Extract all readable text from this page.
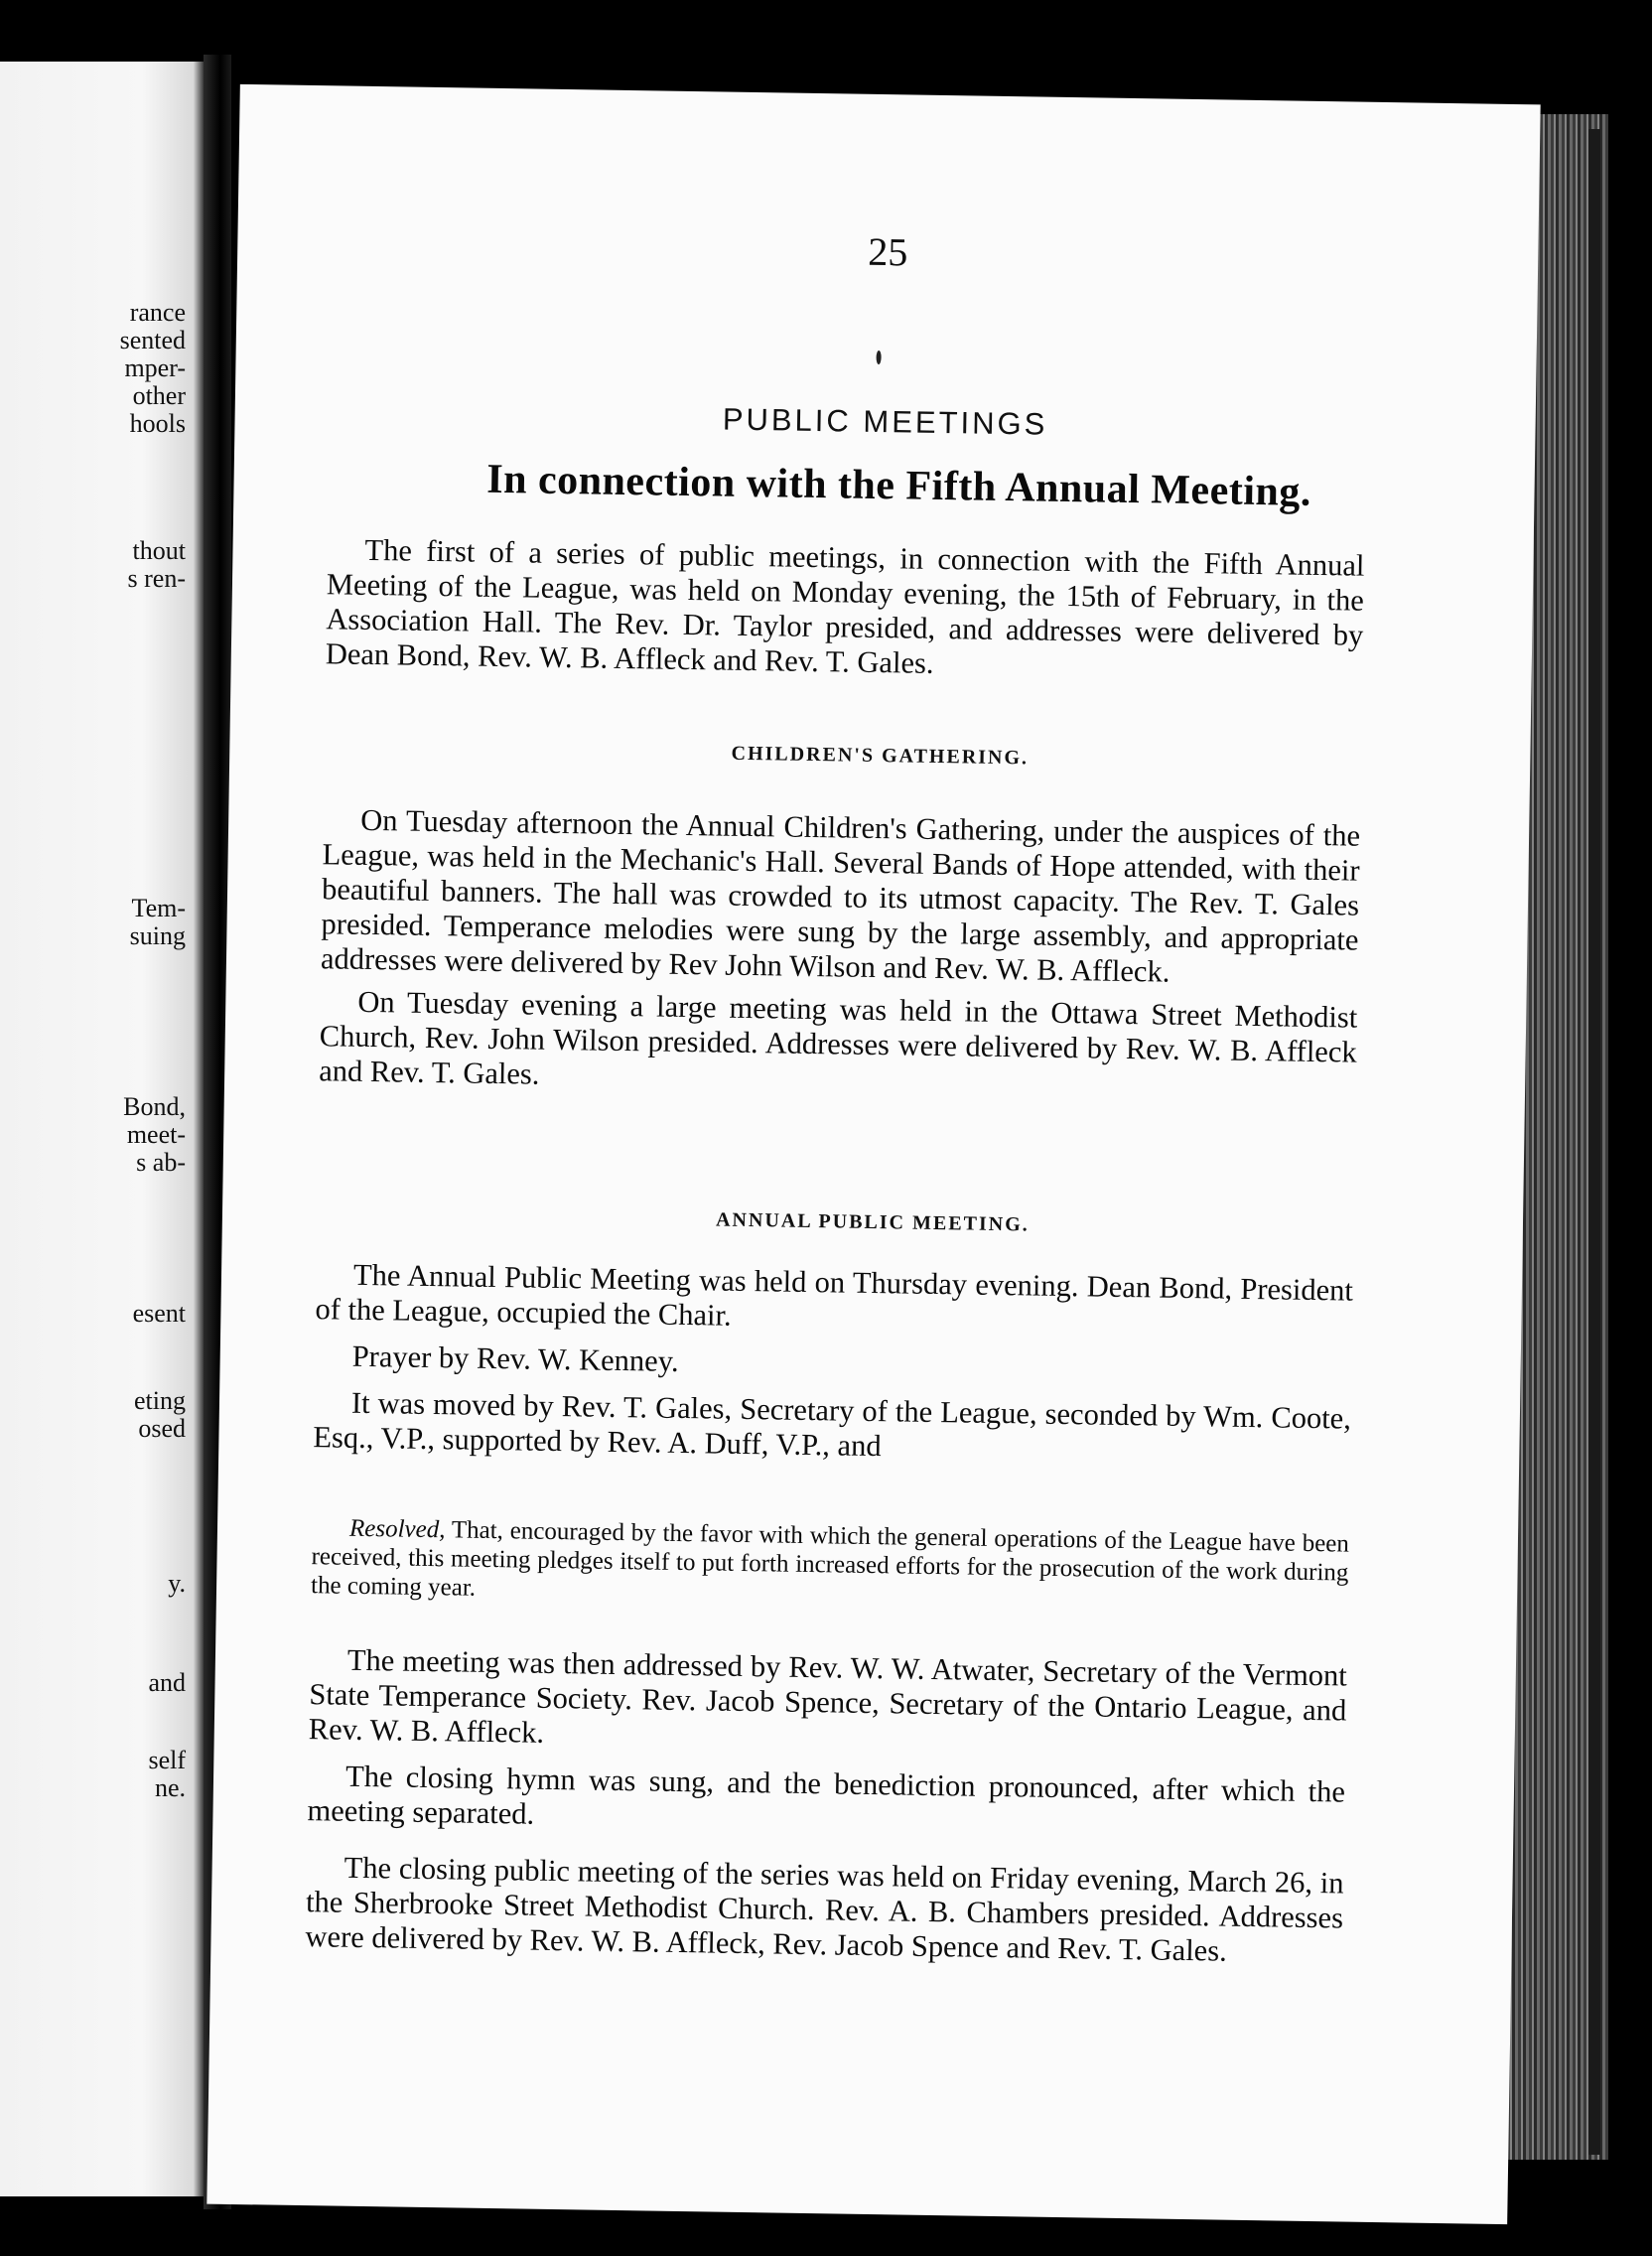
rance
sented
mper-
other
hools
thout
s ren-
Tem-
suing
Bond,
meet-
s ab-
esent
eting
osed
y.
and
self
ne.
25
PUBLIC MEETINGS
In connection with the Fifth Annual Meeting.

The first of a series of public meetings, in connection with the Fifth Annual Meeting of the League, was held on Monday evening, the 15th of February, in the Association Hall. The Rev. Dr. Taylor presided, and addresses were delivered by Dean Bond, Rev. W. B. Affleck and Rev. T. Gales.

CHILDREN'S GATHERING.

On Tuesday afternoon the Annual Children's Gathering, under the auspices of the League, was held in the Mechanic's Hall. Several Bands of Hope attended, with their beautiful banners. The hall was crowded to its utmost capacity. The Rev. T. Gales presided. Temperance melodies were sung by the large assembly, and appropriate addresses were delivered by Rev John Wilson and Rev. W. B. Affleck.

On Tuesday evening a large meeting was held in the Ottawa Street Methodist Church, Rev. John Wilson presided. Addresses were delivered by Rev. W. B. Affleck and Rev. T. Gales.

ANNUAL PUBLIC MEETING.

The Annual Public Meeting was held on Thursday evening. Dean Bond, President of the League, occupied the Chair.

Prayer by Rev. W. Kenney.

It was moved by Rev. T. Gales, Secretary of the League, seconded by Wm. Coote, Esq., V.P., supported by Rev. A. Duff, V.P., and

Resolved, That, encouraged by the favor with which the general operations of the League have been received, this meeting pledges itself to put forth increased efforts for the prosecution of the work during the coming year.

The meeting was then addressed by Rev. W. W. Atwater, Secretary of the Vermont State Temperance Society. Rev. Jacob Spence, Secretary of the Ontario League, and Rev. W. B. Affleck.

The closing hymn was sung, and the benediction pronounced, after which the meeting separated.

The closing public meeting of the series was held on Friday evening, March 26, in the Sherbrooke Street Methodist Church. Rev. A. B. Chambers presided. Addresses were delivered by Rev. W. B. Affleck, Rev. Jacob Spence and Rev. T. Gales.
